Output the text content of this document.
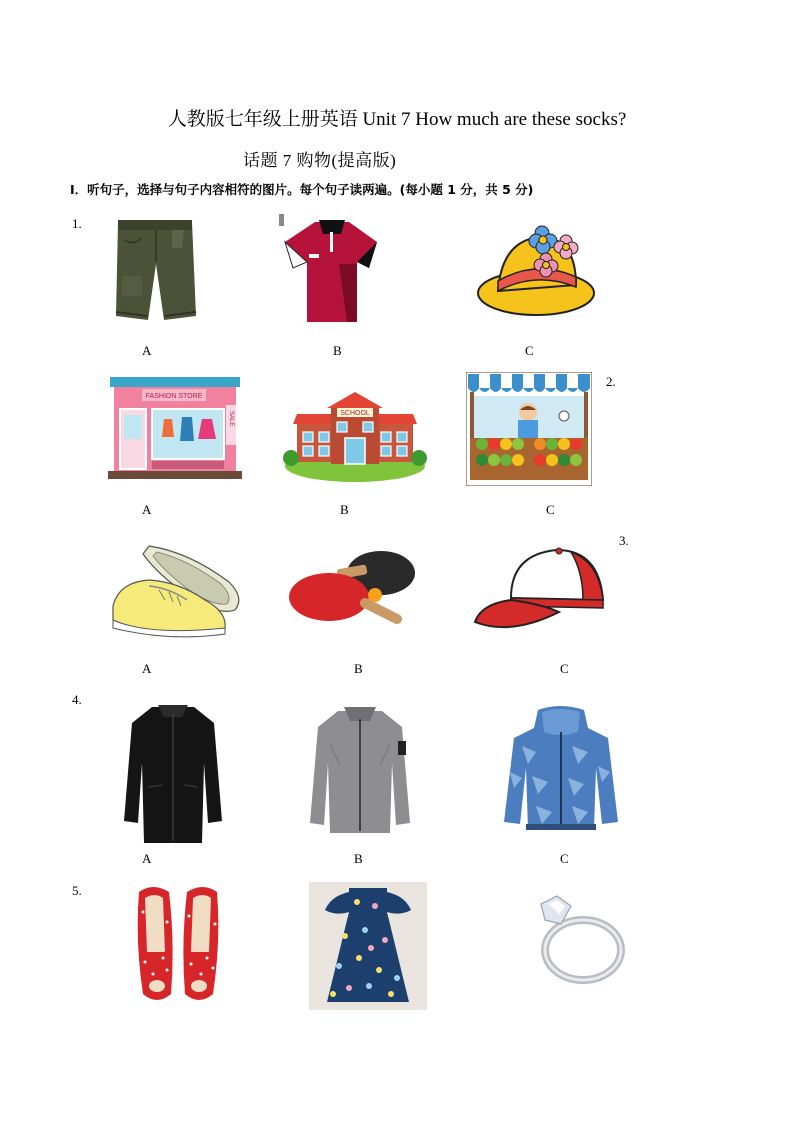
人教版七年级上册英语 Unit 7 How much are these socks?
话题 7 购物(提高版)
I．听句子，选择与句子内容相符的图片。每个句子读两遍。(每小题 1 分，共 5 分)
1.
2.
3.
4.
5.
A	B	C
A	B	C
A	B	C
A	B	C
FASHION STORE
SALE	SCHOOL
